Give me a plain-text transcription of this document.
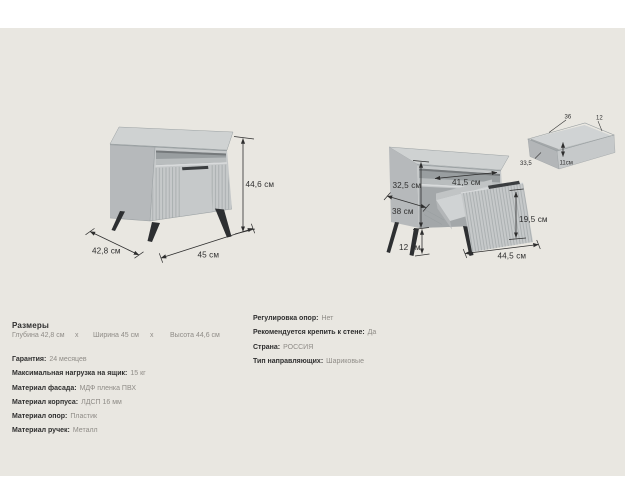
44,6 см
42,8 см	45 см
32,5 см
38 см
12 см
41,5 см
19,5 см
44,5 см
36	12
33,5	11см
Размеры
Глубина 42,8 см x Ширина 45 см x Высота 44,6 см
Гарантия: 24 месяцев
Максимальная нагрузка на ящик: 15 кг
Материал фасада: МДФ пленка ПВХ
Материал корпуса: ЛДСП 16 мм
Материал опор: Пластик
Материал ручек: Металл
Регулировка опор: Нет
Рекомендуется крепить к стене: Да
Страна: РОССИЯ
Тип направляющих: Шариковые
